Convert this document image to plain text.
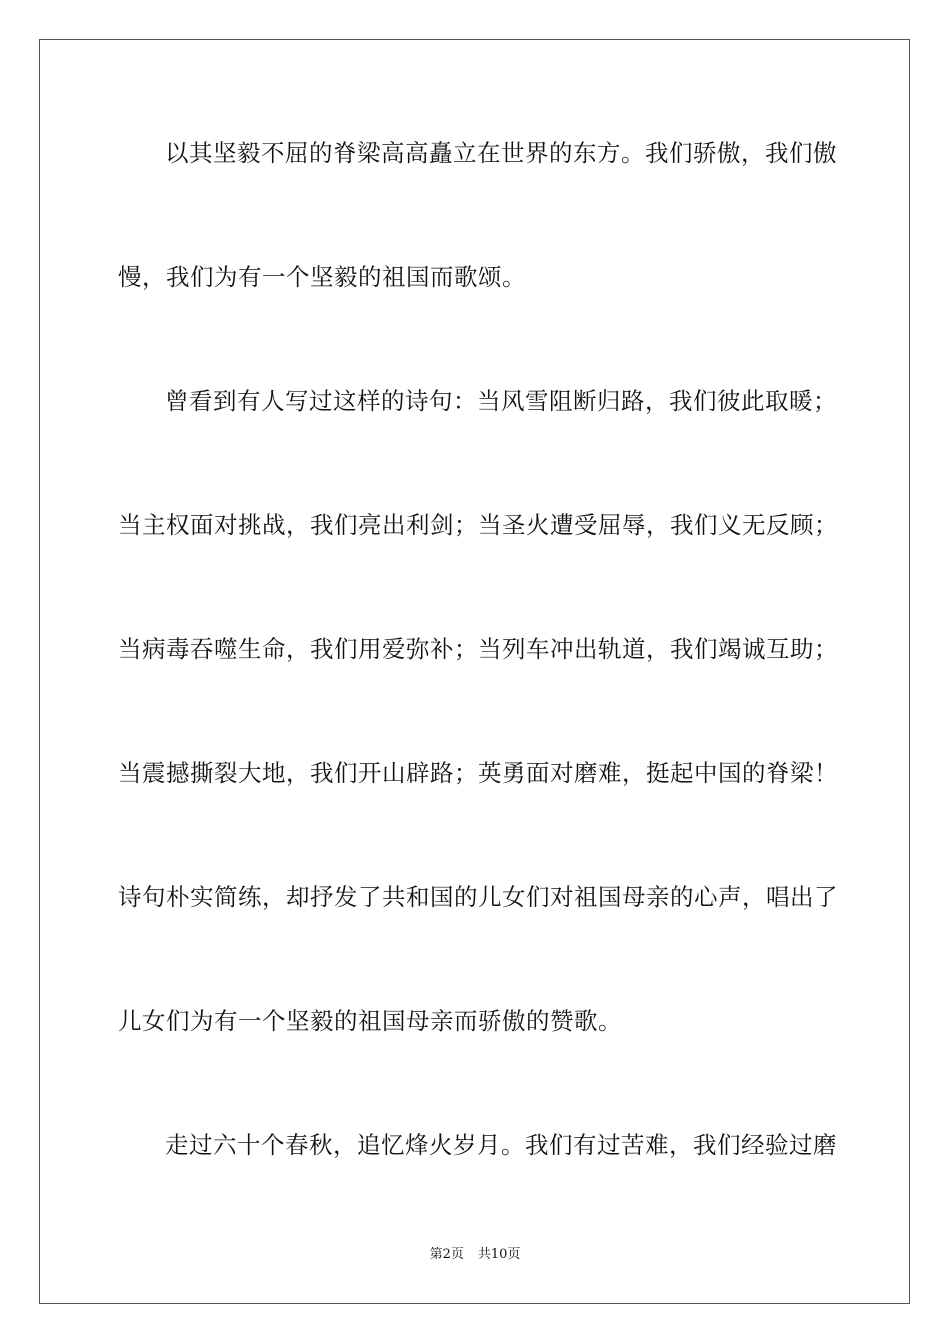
以其坚毅不屈的脊梁高高矗立在世界的东方。我们骄傲，我们傲
慢，我们为有一个坚毅的祖国而歌颂。
曾看到有人写过这样的诗句：当风雪阻断归路，我们彼此取暖；
当主权面对挑战，我们亮出利剑；当圣火遭受屈辱，我们义无反顾；
当病毒吞噬生命，我们用爱弥补；当列车冲出轨道，我们竭诚互助；
当震撼撕裂大地，我们开山辟路；英勇面对磨难，挺起中国的脊梁！
诗句朴实简练，却抒发了共和国的儿女们对祖国母亲的心声，唱出了
儿女们为有一个坚毅的祖国母亲而骄傲的赞歌。
走过六十个春秋，追忆烽火岁月。我们有过苦难，我们经验过磨
第2页 共10页
